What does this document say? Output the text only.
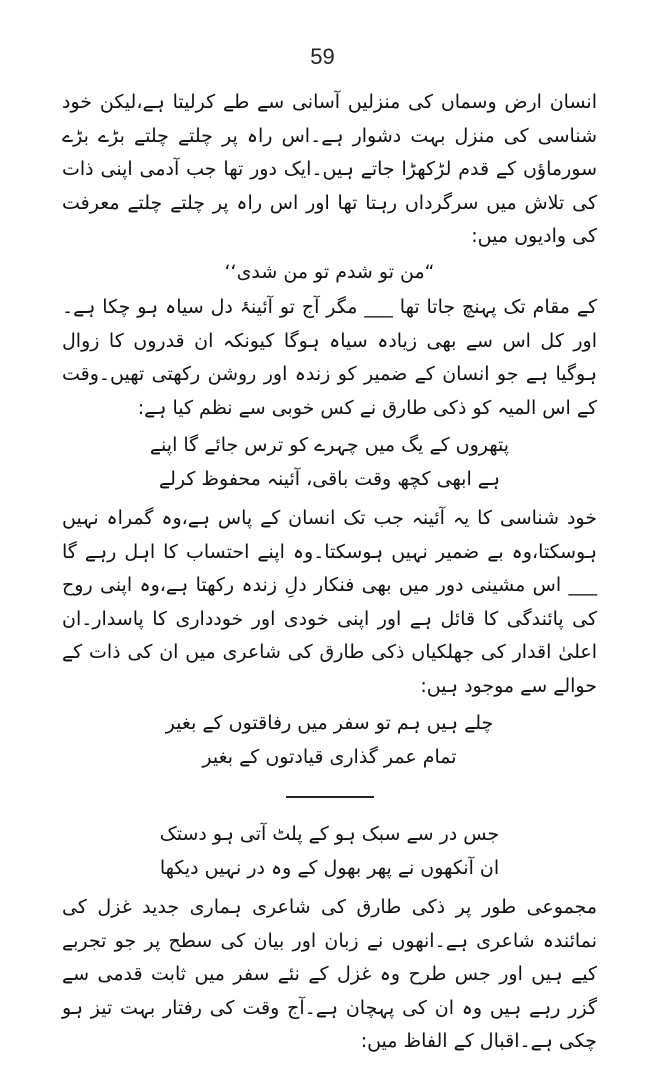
59

انسان ارض وسماں کی منزلیں آسانی سے طے کرلیتا ہے،لیکن خود شناسی کی منزل بہت دشوار ہے۔اس راہ پر چلتے چلتے بڑے بڑے سورماؤں کے قدم لڑکھڑا جاتے ہیں۔ایک دور تھا جب آدمی اپنی ذات کی تلاش میں سرگرداں رہتا تھا اور اس راہ پر چلتے چلتے معرفت کی وادیوں میں:

“من تو شدم تو من شدی‘‘

کے مقام تک پہنچ جاتا تھا ___ مگر آج تو آئینۂ دل سیاہ ہو چکا ہے۔اور کل اس سے بھی زیادہ سیاہ ہوگا کیونکہ ان قدروں کا زوال ہوگیا ہے جو انسان کے ضمیر کو زندہ اور روشن رکھتی تھیں۔وقت کے اس المیہ کو ذکی طارق نے کس خوبی سے نظم کیا ہے:

پتھروں کے یگ میں چہرے کو ترس جائے گا اپنے

ہے ابھی کچھ وقت باقی، آئینہ محفوظ کرلے

خود شناسی کا یہ آئینہ جب تک انسان کے پاس ہے،وہ گمراہ نہیں ہوسکتا،وہ بے ضمیر نہیں ہوسکتا۔وہ اپنے احتساب کا اہل رہے گا ___ اس مشینی دور میں بھی فنکار دلِ زندہ رکھتا ہے،وہ اپنی روح کی پائندگی کا قائل ہے اور اپنی خودی اور خودداری کا پاسدار۔ان اعلیٰ اقدار کی جھلکیاں ذکی طارق کی شاعری میں ان کی ذات کے حوالے سے موجود ہیں:

چلے ہیں ہم تو سفر میں رفاقتوں کے بغیر

تمام عمر گذاری قیادتوں کے بغیر

جس در سے سبک ہو کے پلٹ آتی ہو دستک

ان آنکھوں نے پھر بھول کے وہ در نہیں دیکھا

مجموعی طور پر ذکی طارق کی شاعری ہماری جدید غزل کی نمائندہ شاعری ہے۔انھوں نے زبان اور بیان کی سطح پر جو تجربے کیے ہیں اور جس طرح وہ غزل کے نئے سفر میں ثابت قدمی سے گزر رہے ہیں وہ ان کی پہچان ہے۔آج وقت کی رفتار بہت تیز ہو چکی ہے۔اقبال کے الفاظ میں:
